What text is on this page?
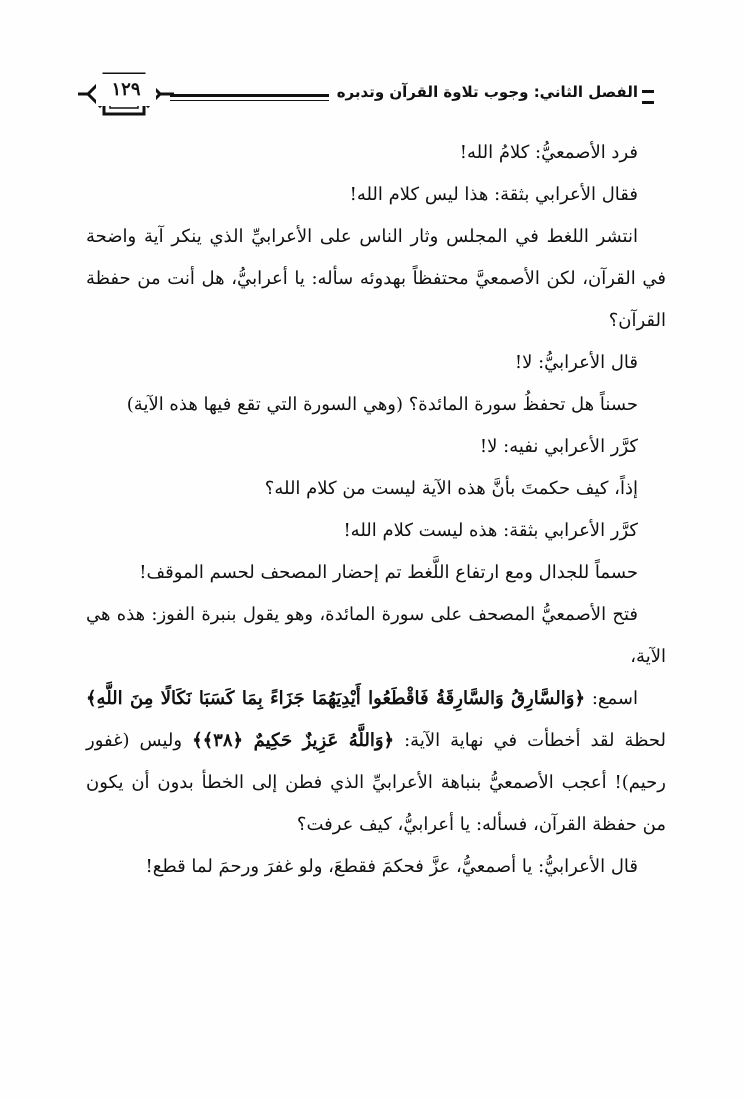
١٢٩	الفصل الثاني: وجوب تلاوة القرآن وتدبره

فرد الأصمعيُّ: كلامُ الله!

فقال الأعرابي بثقة: هذا ليس كلام الله!

انتشر اللغط في المجلس وثار الناس على الأعرابيِّ الذي ينكر آية واضحة في القرآن، لكن الأصمعيَّ محتفظاً بهدوئه سأله: يا أعرابيُّ، هل أنت من حفظة القرآن؟

قال الأعرابيُّ: لا!

حسناً هل تحفظُ سورة المائدة؟ (وهي السورة التي تقع فيها هذه الآية)

كرَّر الأعرابي نفيه: لا!

إذاً، كيف حكمتَ بأنَّ هذه الآية ليست من كلام الله؟

كرَّر الأعرابي بثقة: هذه ليست كلام الله!

حسماً للجدال ومع ارتفاع اللَّغط تم إحضار المصحف لحسم الموقف!

فتح الأصمعيُّ المصحف على سورة المائدة، وهو يقول بنبرة الفوز: هذه هي الآية،

اسمع: ﴿وَالسَّارِقُ وَالسَّارِقَةُ فَاقْطَعُوا أَيْدِيَهُمَا جَزَاءً بِمَا كَسَبَا نَكَالًا مِنَ اللَّهِ﴾ لحظة لقد أخطأت في نهاية الآية: ﴿وَاللَّهُ عَزِيزٌ حَكِيمٌ ﴿٣٨﴾﴾ وليس (غفور رحيم)! أعجب الأصمعيُّ بنباهة الأعرابيِّ الذي فطن إلى الخطأ بدون أن يكون من حفظة القرآن، فسأله: يا أعرابيُّ، كيف عرفت؟

قال الأعرابيُّ: يا أصمعيُّ، عزَّ فحكمَ فقطعَ، ولو غفرَ ورحمَ لما قطع!
